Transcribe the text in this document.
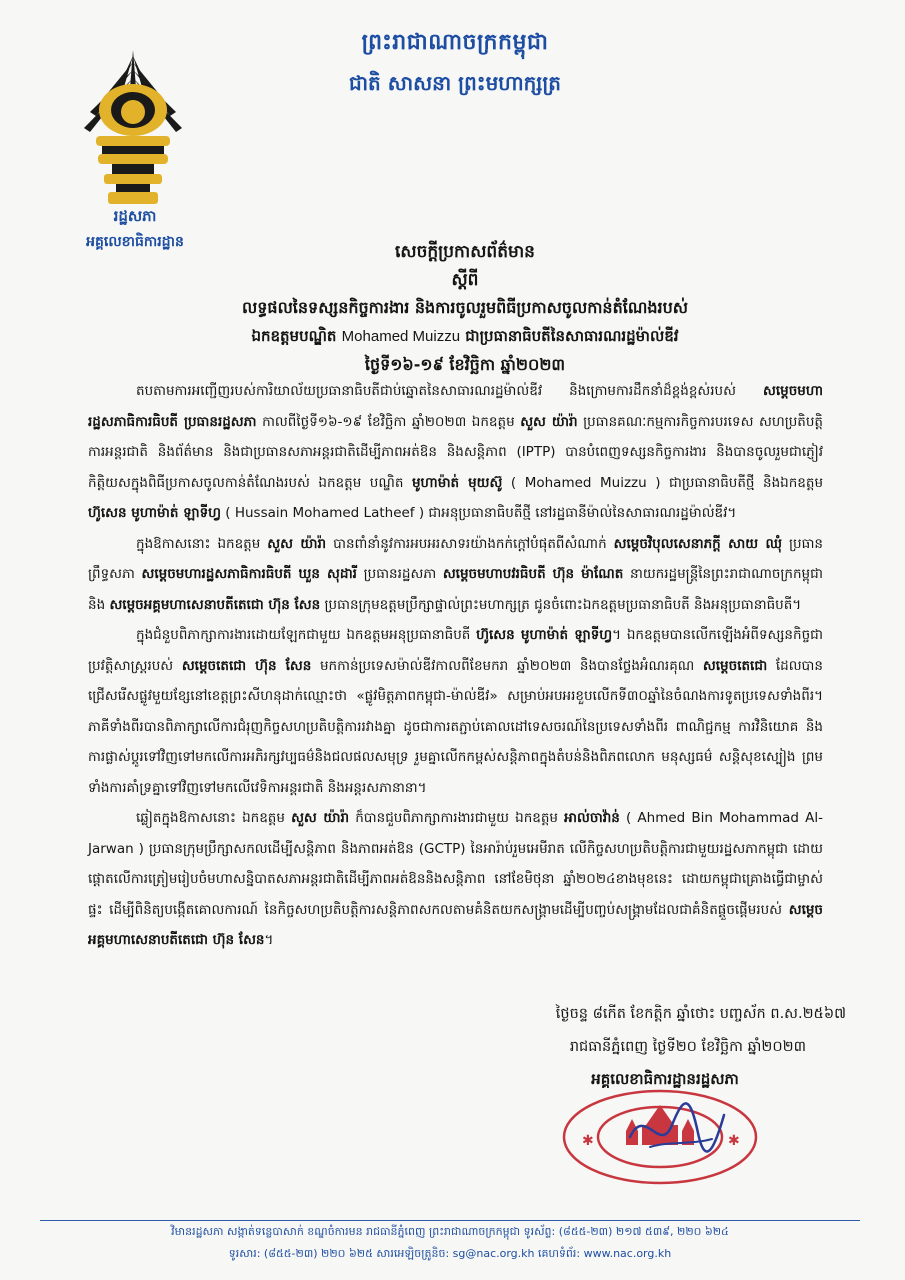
ព្រះរាជាណាចក្រកម្ពុជា
ជាតិ សាសនា ព្រះមហាក្សត្រ
រដ្ឋសភា
អគ្គលេខាធិការដ្ឋាន	សេចក្ដីប្រកាសព័ត៌មាន
ស្ដីពី
លទ្ធផលនៃទស្សនកិច្ចការងារ និងការចូលរួមពិធីប្រកាសចូលកាន់តំណែងរបស់
ឯកឧត្តមបណ្ឌិត Mohamed Muizzu ជាប្រធានាធិបតីនៃសាធារណរដ្ឋម៉ាល់ឌីវ
ថ្ងៃទី១៦-១៩ ខែវិច្ឆិកា ឆ្នាំ២០២៣

តបតាមការអញ្ជើញរបស់ការិយាល័យប្រធានាធិបតីជាប់ឆ្នោតនៃសាធារណរដ្ឋម៉ាល់ឌីវ និងក្រោមការដឹកនាំដ៏ខ្ពង់ខ្ពស់របស់ សម្ដេចមហារដ្ឋសភាធិការធិបតី ប្រធានរដ្ឋសភា កាលពីថ្ងៃទី១៦-១៩ ខែវិច្ឆិកា ឆ្នាំ២០២៣ ឯកឧត្តម សួស យ៉ារ៉ា ប្រធានគណៈកម្មការកិច្ចការបរទេស សហប្រតិបត្តិការអន្តរជាតិ និងព័ត៌មាន និងជាប្រធានសភាអន្តរជាតិដើម្បីភាពអត់ឱន និងសន្តិភាព (IPTP) បានបំពេញទស្សនកិច្ចការងារ និងបានចូលរួមជាភ្ញៀវកិត្តិយសក្នុងពិធីប្រកាសចូលកាន់តំណែងរបស់ ឯកឧត្តម បណ្ឌិត មូហាម៉ាត់ មុយស៊ូ ( Mohamed Muizzu ) ជាប្រធានាធិបតីថ្មី និងឯកឧត្តម ហ៊ូសេន មូហាម៉ាត់ ឡាទីហ្វ ( Hussain Mohamed Latheef ) ជាអនុប្រធានាធិបតីថ្មី នៅរដ្ឋធានីម៉ាល់នៃសាធារណរដ្ឋម៉ាល់ឌីវ។

ក្នុងឱកាសនោះ ឯកឧត្តម សួស យ៉ារ៉ា បានពាំនាំនូវការអបអរសាទរយ៉ាងកក់ក្ដៅបំផុតពីសំណាក់ សម្ដេចវិបុលសេនាភក្ដី សាយ ឈុំ ប្រធានព្រឹទ្ធសភា សម្ដេចមហារដ្ឋសភាធិការធិបតី ឃួន សុដារី ប្រធានរដ្ឋសភា សម្ដេចមហាបវរធិបតី ហ៊ុន ម៉ាណែត នាយករដ្ឋមន្ត្រីនៃព្រះរាជាណាចក្រកម្ពុជា និង សម្ដេចអគ្គមហាសេនាបតីតេជោ ហ៊ុន សែន ប្រធានក្រុមឧត្ដមប្រឹក្សាផ្ទាល់ព្រះមហាក្សត្រ ជូនចំពោះឯកឧត្តមប្រធានាធិបតី និងអនុប្រធានាធិបតី។

ក្នុងជំនួបពិភាក្សាការងារដោយឡែកជាមួយ ឯកឧត្តមអនុប្រធានាធិបតី ហ៊ូសេន មូហាម៉ាត់ ឡាទីហ្វ។ ឯកឧត្តមបានលើកឡើងអំពីទស្សនកិច្ចជាប្រវត្តិសាស្ត្ររបស់ សម្ដេចតេជោ ហ៊ុន សែន មកកាន់ប្រទេសម៉ាល់ឌីវកាលពីខែមករា ឆ្នាំ២០២៣ និងបានថ្លែងអំណរគុណ សម្ដេចតេជោ ដែលបានជ្រើសរើសផ្លូវមួយខ្សែនៅខេត្តព្រះសីហនុដាក់ឈ្មោះថា «ផ្លូវមិត្តភាពកម្ពុជា-ម៉ាល់ឌីវ» សម្រាប់អបអរខួបលើកទី៣០ឆ្នាំនៃចំណងការទូតប្រទេសទាំងពីរ។ ភាគីទាំងពីរបានពិភាក្សាលើការជំរុញកិច្ចសហប្រតិបត្តិការរវាងគ្នា ដូចជាការតភ្ជាប់គោលដៅទេសចរណ៍នៃប្រទេសទាំងពីរ ពាណិជ្ជកម្ម ការវិនិយោគ និងការផ្លាស់ប្ដូរទៅវិញទៅមកលើការអភិរក្សវប្បធម៌និងជលផលសមុទ្រ រួមគ្នាលើកកម្ពស់សន្តិភាពក្នុងតំបន់និងពិភពលោក មនុស្សធម៌ សន្តិសុខស្បៀង ព្រមទាំងការគាំទ្រគ្នាទៅវិញទៅមកលើវេទិកាអន្តរជាតិ និងអន្តរសភានានា។

ឆ្លៀតក្នុងឱកាសនោះ ឯកឧត្តម សួស យ៉ារ៉ា ក៏បានជួបពិភាក្សាការងារជាមួយ ឯកឧត្តម អាល់ចាវ៉ាន់ ( Ahmed Bin Mohammad Al-Jarwan ) ប្រធានក្រុមប្រឹក្សាសកលដើម្បីសន្តិភាព និងភាពអត់ឱន (GCTP) នៃអារ៉ាប់រួមអេមីរាត លើកិច្ចសហប្រតិបត្តិការជាមួយរដ្ឋសភាកម្ពុជា ដោយផ្ដោតលើការត្រៀមរៀបចំមហាសន្និបាតសភាអន្តរជាតិដើម្បីភាពអត់ឱននិងសន្តិភាព នៅខែមិថុនា ឆ្នាំ២០២៤ខាងមុខនេះ ដោយកម្ពុជាគ្រោងធ្វើជាម្ចាស់ផ្ទះ ដើម្បីពិនិត្យបង្កើតគោលការណ៍ នៃកិច្ចសហប្រតិបត្តិការសន្តិភាពសកលតាមគំនិតយកសង្គ្រាមដើម្បីបញ្ចប់សង្គ្រាមដែលជាគំនិតផ្ដួចផ្ដើមរបស់ សម្ដេចអគ្គមហាសេនាបតីតេជោ ហ៊ុន សែន។

ថ្ងៃចន្ទ ៨កើត ខែកត្ដិក ឆ្នាំថោះ បញ្ចស័ក ព.ស.២៥៦៧
រាជធានីភ្នំពេញ ថ្ងៃទី២០ ខែវិច្ឆិកា ឆ្នាំ២០២៣
✱	✱
អគ្គលេខាធិការដ្ឋានរដ្ឋសភា
វិមានរដ្ឋសភា សង្កាត់ទន្លេបាសាក់ ខណ្ឌចំការមន រាជធានីភ្នំពេញ ព្រះរាជាណាចក្រកម្ពុជា ទូរស័ព្ទ: (៨៥៥-២៣) ២១៧ ៥៣៩, ២២០ ៦២៤
ទូរសារ: (៨៥៥-២៣) ២២០ ៦២៥ សារអេឡិចត្រូនិច: sg@nac.org.kh គេហទំព័រ: www.nac.org.kh
